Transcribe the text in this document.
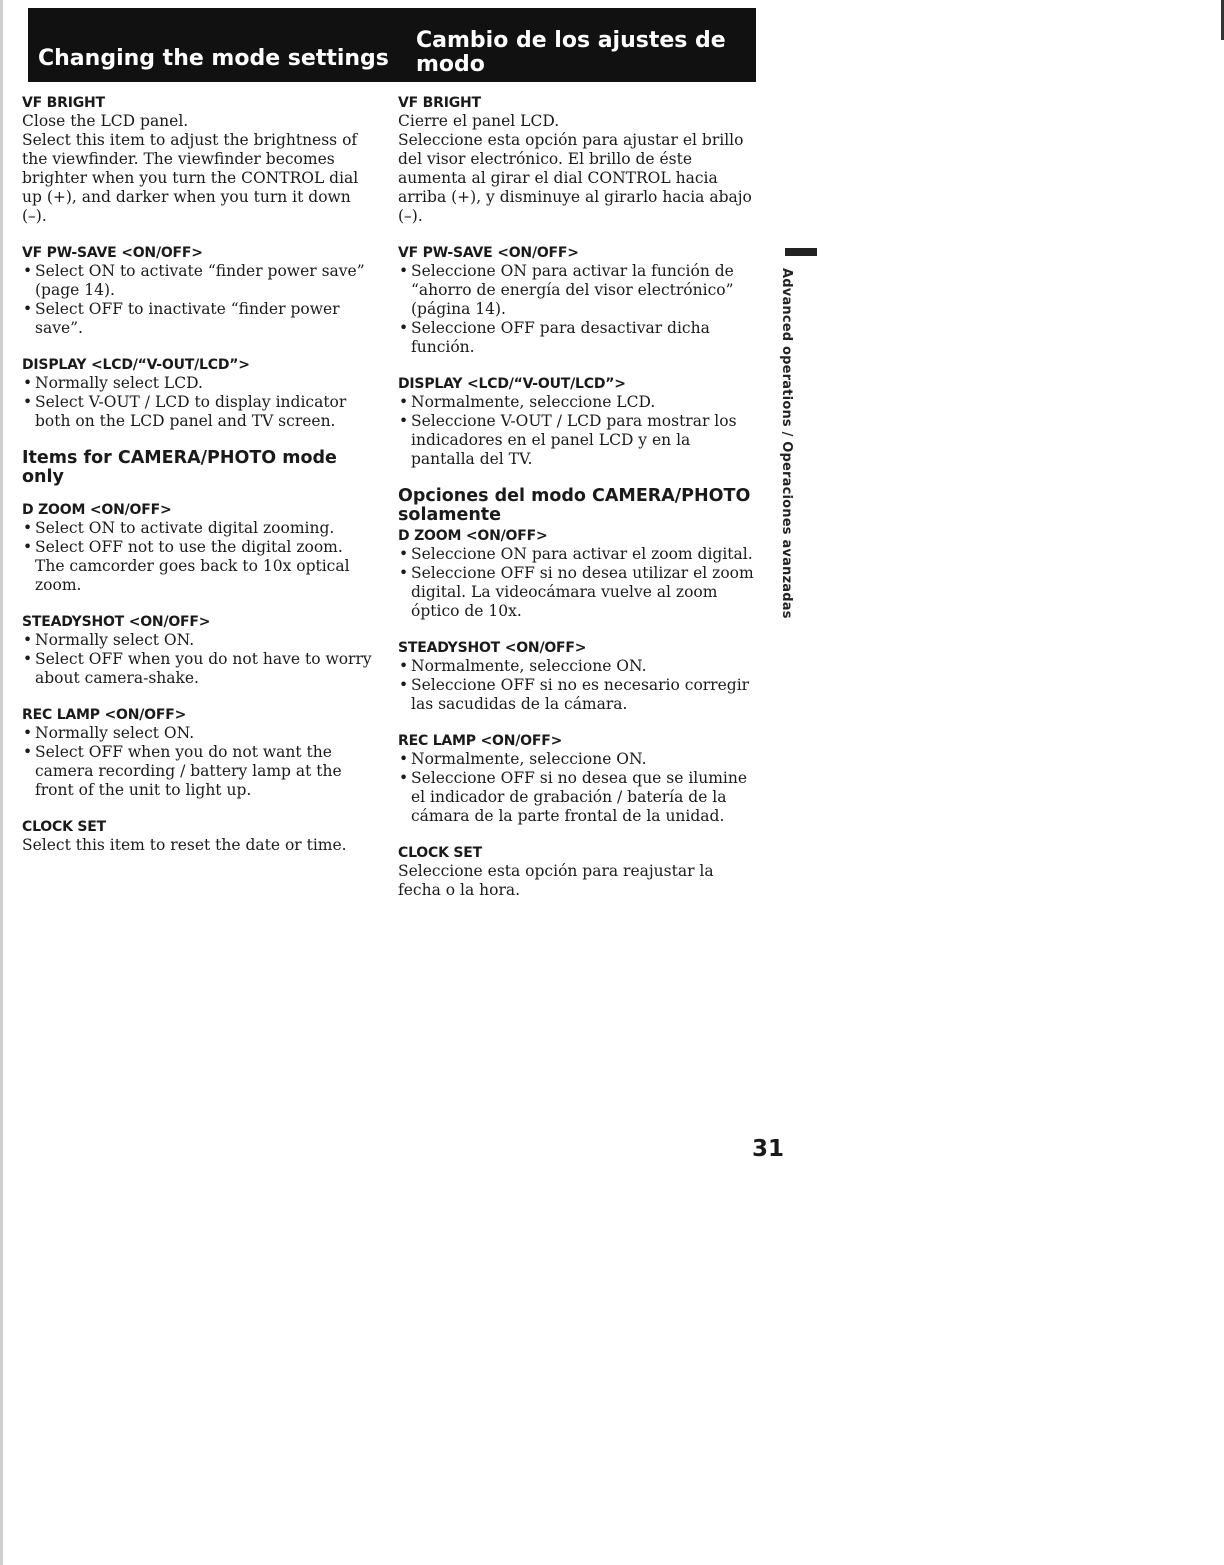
Changing the mode settings
Cambio de los ajustes de
modo
VF BRIGHT

Close the LCD panel.

Select this item to adjust the brightness of the viewfinder. The viewfinder becomes brighter when you turn the CONTROL dial up (+), and darker when you turn it down (–).

VF PW-SAVE <ON/OFF>
• Select ON to activate “finder power save” (page 14).
• Select OFF to inactivate “finder power save”.
DISPLAY <LCD/“V-OUT/LCD”>
• Normally select LCD.
• Select V-OUT / LCD to display indicator both on the LCD panel and TV screen.
Items for CAMERA/PHOTO mode only
D ZOOM <ON/OFF>
• Select ON to activate digital zooming.
• Select OFF not to use the digital zoom. The camcorder goes back to 10x optical zoom.
STEADYSHOT <ON/OFF>
• Normally select ON.
• Select OFF when you do not have to worry about camera-shake.
REC LAMP <ON/OFF>
• Normally select ON.
• Select OFF when you do not want the camera recording / battery lamp at the front of the unit to light up.
CLOCK SET

Select this item to reset the date or time.

VF BRIGHT

Cierre el panel LCD.

Seleccione esta opción para ajustar el brillo del visor electrónico. El brillo de éste aumenta al girar el dial CONTROL hacia arriba (+), y disminuye al girarlo hacia abajo (–).

VF PW-SAVE <ON/OFF>
• Seleccione ON para activar la función de “ahorro de energía del visor electrónico” (página 14).
• Seleccione OFF para desactivar dicha función.
DISPLAY <LCD/“V-OUT/LCD”>
• Normalmente, seleccione LCD.
• Seleccione V-OUT / LCD para mostrar los indicadores en el panel LCD y en la pantalla del TV.
Opciones del modo CAMERA/PHOTO solamente
D ZOOM <ON/OFF>
• Seleccione ON para activar el zoom digital.
• Seleccione OFF si no desea utilizar el zoom digital. La videocámara vuelve al zoom óptico de 10x.
STEADYSHOT <ON/OFF>
• Normalmente, seleccione ON.
• Seleccione OFF si no es necesario corregir las sacudidas de la cámara.
REC LAMP <ON/OFF>
• Normalmente, seleccione ON.
• Seleccione OFF si no desea que se ilumine el indicador de grabación / batería de la cámara de la parte frontal de la unidad.
CLOCK SET

Seleccione esta opción para reajustar la fecha o la hora.

Advanced operations / Operaciones avanzadas
31
